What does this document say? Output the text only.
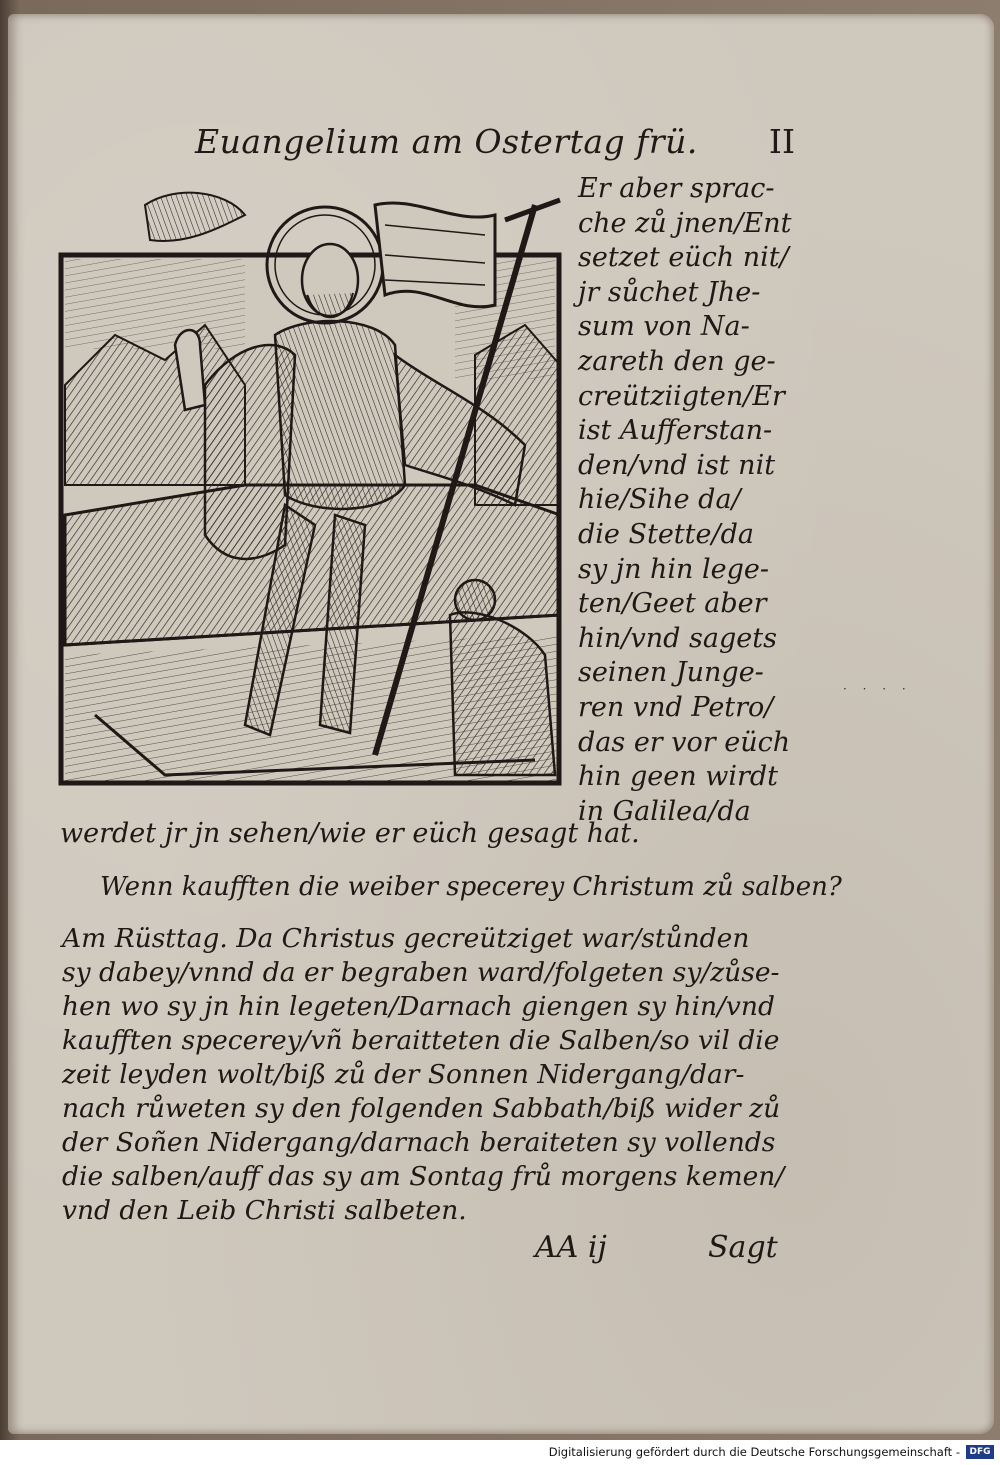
Euangelium am Ostertag frü. II
Er aber sprac-
che zů jnen/Ent
setzet eüch nit/
jr sůchet Jhe-
sum von Na-
zareth den ge-
creütziigten/Er
ist Aufferstan-
den/vnd ist nit
hie/Sihe da/
die Stette/da
sy jn hin lege-
ten/Geet aber
hin/vnd sagets
seinen Junge-
ren vnd Petro/
das er vor eüch
hin geen wirdt
in Galilea/da
werdet jr jn sehen/wie er eüch gesagt hat.
Wenn kaufften die weiber specerey Christum zů salben?
Am Rüsttag. Da Christus gecreütziget war/stůnden
sy dabey/vnnd da er begraben ward/folgeten sy/zůse-
hen wo sy jn hin legeten/Darnach giengen sy hin/vnd
kaufften specerey/vñ beraitteten die Salben/so vil die
zeit leyden wolt/biß zů der Sonnen Nidergang/dar-
nach růweten sy den folgenden Sabbath/biß wider zů
der Soñen Nidergang/darnach beraiteten sy vollends
die salben/auff das sy am Sontag frů morgens kemen/
vnd den Leib Christi salbeten.
AA ij	Sagt
· · · ·
Digitalisierung gefördert durch die Deutsche Forschungsgemeinschaft -	DFG
